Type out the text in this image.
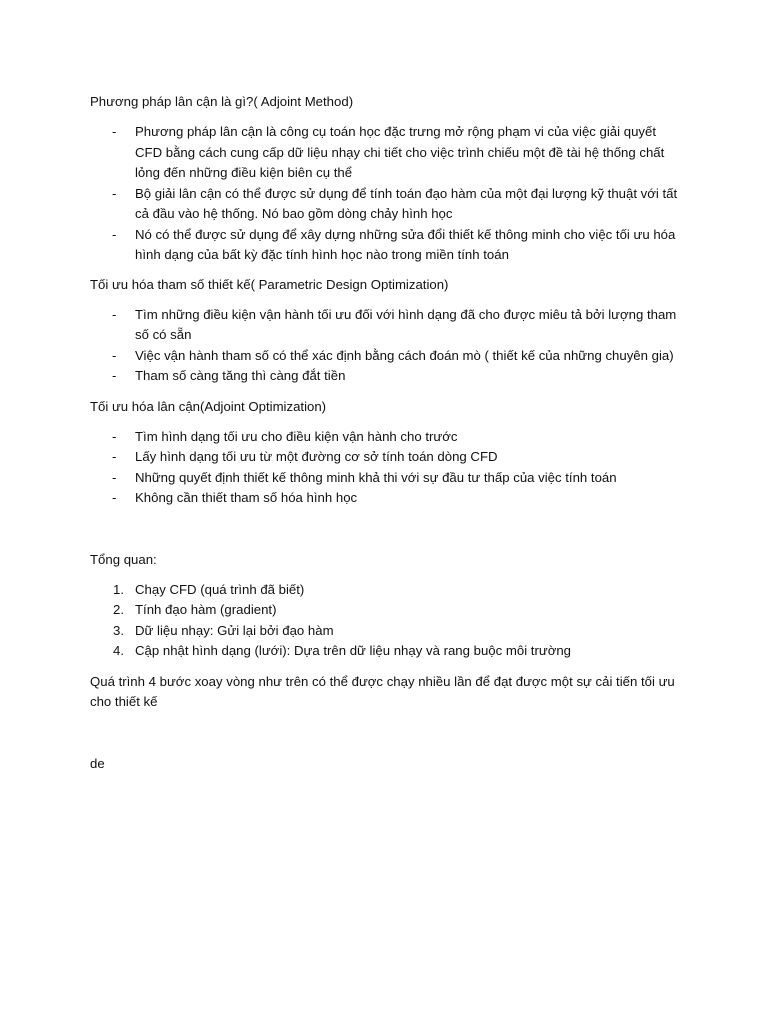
Phương pháp lân cận là gì?( Adjoint Method)

- Phương pháp lân cận là công cụ toán học đặc trưng mở rộng phạm vi của việc giải quyết CFD bằng cách cung cấp dữ liệu nhạy chi tiết cho việc trình chiếu một đề tài hệ thống chất lỏng đến những điều kiện biên cụ thể
- Bộ giải lân cận có thể được sử dụng để tính toán đạo hàm của một đại lượng kỹ thuật với tất cả đầu vào hệ thống. Nó bao gồm dòng chảy hình học
- Nó có thể được sử dụng để xây dựng những sửa đổi thiết kế thông minh cho việc tối ưu hóa hình dạng của bất kỳ đặc tính hình học nào trong miền tính toán

Tối ưu hóa tham số thiết kế( Parametric Design Optimization)

- Tìm những điều kiện vận hành tối ưu đối với hình dạng đã cho được miêu tả bởi lượng tham số có sẵn
- Việc vận hành tham số có thể xác định bằng cách đoán mò ( thiết kế của những chuyên gia)
- Tham số càng tăng thì càng đắt tiền

Tối ưu hóa lân cận(Adjoint Optimization)

- Tìm hình dạng tối ưu cho điều kiện vận hành cho trước
- Lấy hình dạng tối ưu từ một đường cơ sở tính toán dòng CFD
- Những quyết định thiết kế thông minh khả thi với sự đầu tư thấp của việc tính toán
- Không cần thiết tham số hóa hình học

Tổng quan:

1. Chạy CFD (quá trình đã biết)
2. Tính đạo hàm (gradient)
3. Dữ liệu nhạy: Gửi lại bởi đạo hàm
4. Cập nhật hình dạng (lưới): Dựa trên dữ liệu nhạy và rang buộc môi trường

Quá trình 4 bước xoay vòng như trên có thể được chạy nhiều lần để đạt được một sự cải tiến tối ưu cho thiết kế

de
